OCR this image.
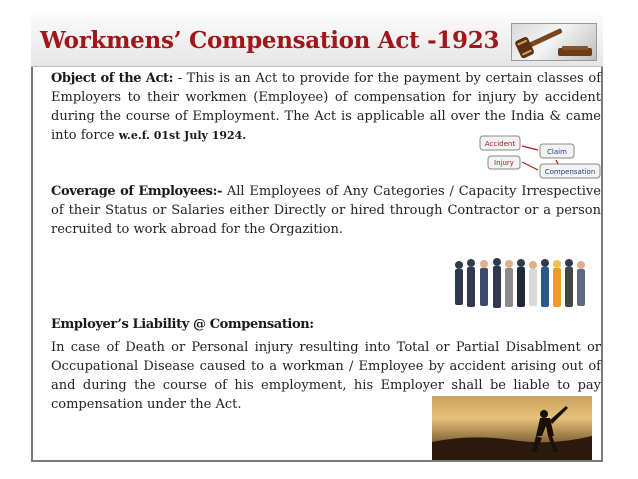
Workmens’ Compensation Act -1923

Object of the Act: - This is an Act to provide for the payment by certain classes of Employers to their workmen (Employee) of compensation for injury by accident during the course of Employment. The Act is applicable all over the India & came into force w.e.f. 01st July 1924.

Accident
Claim
Injury
Compensation

Coverage of Employees:- All Employees of Any Categories / Capacity Irrespective of their Status or Salaries either Directly or hired through Contractor or a person recruited to work abroad for the Orgazition.

Employer’s Liability @ Compensation:

In case of Death or Personal injury resulting into Total or Partial Disablment or Occupational Disease caused to a workman / Employee by accident arising out of and during the course of his employment, his Employer shall be liable to pay compensation under the Act.
